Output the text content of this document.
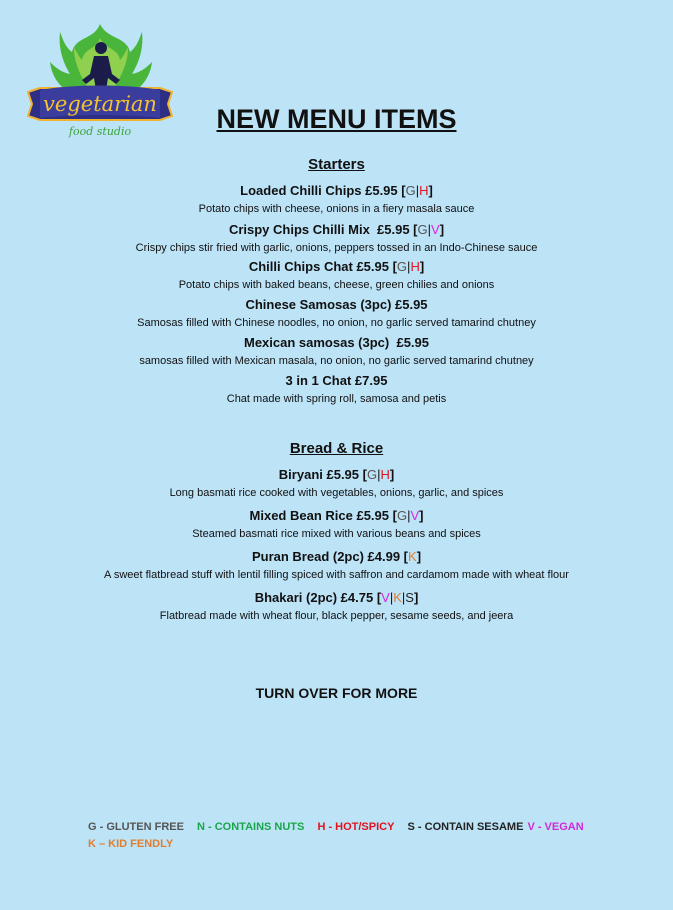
vegetarian
food studio	NEW MENU ITEMS
Starters
Loaded Chilli Chips £5.95 [G|H]
Potato chips with cheese, onions in a fiery masala sauce
Crispy Chips Chilli Mix  £5.95 [G|V]
Crispy chips stir fried with garlic, onions, peppers tossed in an Indo-Chinese sauce
Chilli Chips Chat £5.95 [G|H]
Potato chips with baked beans, cheese, green chilies and onions
Chinese Samosas (3pc) £5.95
Samosas filled with Chinese noodles, no onion, no garlic served tamarind chutney
Mexican samosas (3pc)  £5.95
samosas filled with Mexican masala, no onion, no garlic served tamarind chutney
3 in 1 Chat £7.95
Chat made with spring roll, samosa and petis
Bread & Rice
Biryani £5.95 [G|H]
Long basmati rice cooked with vegetables, onions, garlic, and spices
Mixed Bean Rice £5.95 [G|V]
Steamed basmati rice mixed with various beans and spices
Puran Bread (2pc) £4.99 [K]
A sweet flatbread stuff with lentil filling spiced with saffron and cardamom made with wheat flour
Bhakari (2pc) £4.75 [V|K|S]
Flatbread made with wheat flour, black pepper, sesame seeds, and jeera
TURN OVER FOR MORE
G - GLUTEN FREE N - CONTAINS NUTS H - HOT/SPICY S - CONTAIN SESAME V - VEGAN
K – KID FENDLY
